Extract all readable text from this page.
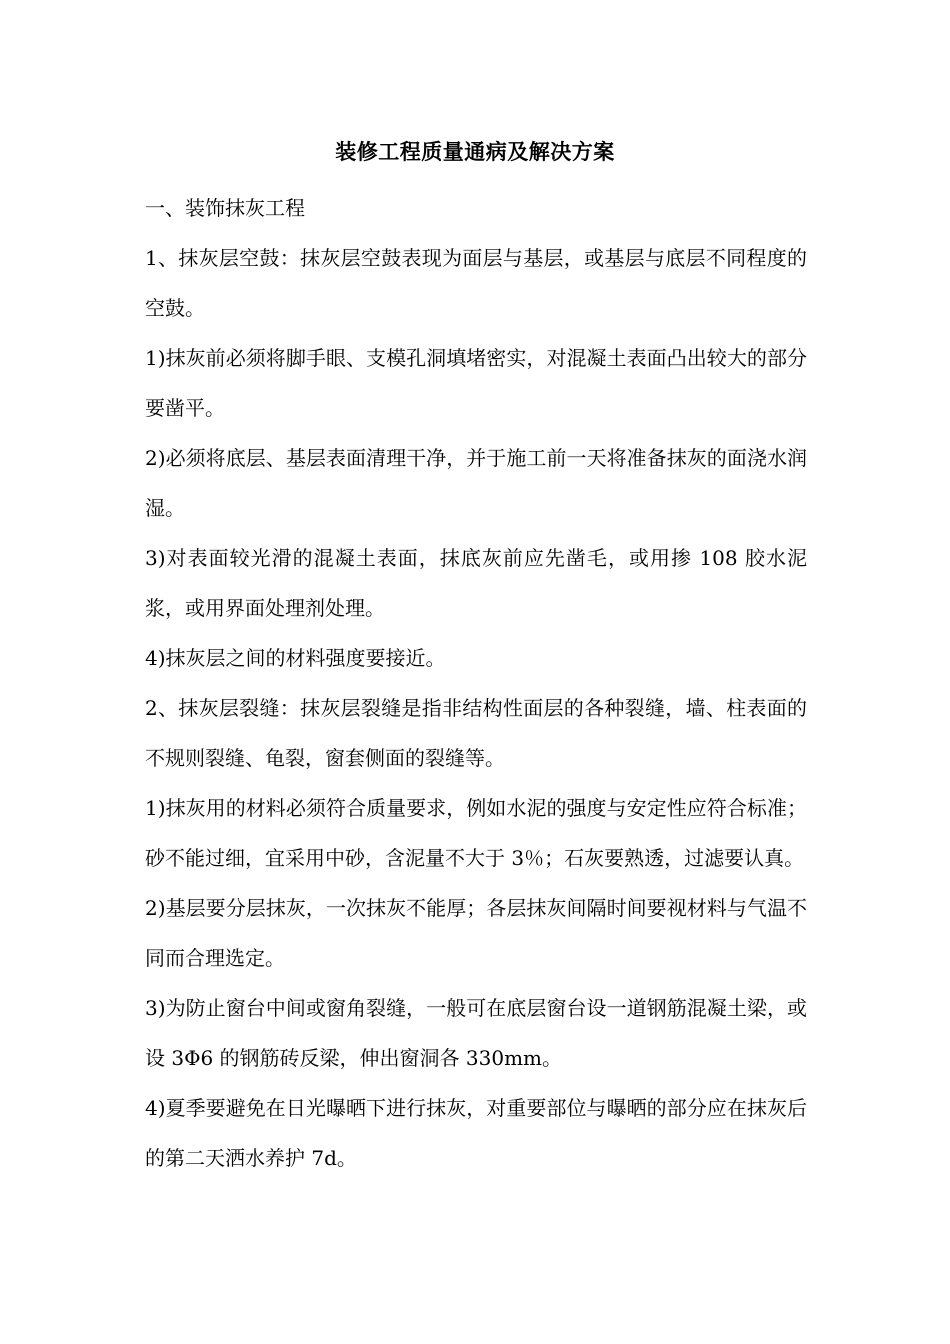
装修工程质量通病及解决方案

一、装饰抹灰工程

1、抹灰层空鼓：抹灰层空鼓表现为面层与基层，或基层与底层不同程度的空鼓。

1)抹灰前必须将脚手眼、支模孔洞填堵密实，对混凝土表面凸出较大的部分要凿平。

2)必须将底层、基层表面清理干净，并于施工前一天将准备抹灰的面浇水润湿。

3)对表面较光滑的混凝土表面，抹底灰前应先凿毛，或用掺 108 胶水泥浆，或用界面处理剂处理。

4)抹灰层之间的材料强度要接近。

2、抹灰层裂缝：抹灰层裂缝是指非结构性面层的各种裂缝，墙、柱表面的不规则裂缝、龟裂，窗套侧面的裂缝等。

1)抹灰用的材料必须符合质量要求，例如水泥的强度与安定性应符合标准；砂不能过细，宜采用中砂，含泥量不大于 3％；石灰要熟透，过滤要认真。

2)基层要分层抹灰，一次抹灰不能厚；各层抹灰间隔时间要视材料与气温不同而合理选定。

3)为防止窗台中间或窗角裂缝，一般可在底层窗台设一道钢筋混凝土梁，或设 3Φ6 的钢筋砖反梁，伸出窗洞各 330mm。

4)夏季要避免在日光曝晒下进行抹灰，对重要部位与曝晒的部分应在抹灰后的第二天洒水养护 7d。
